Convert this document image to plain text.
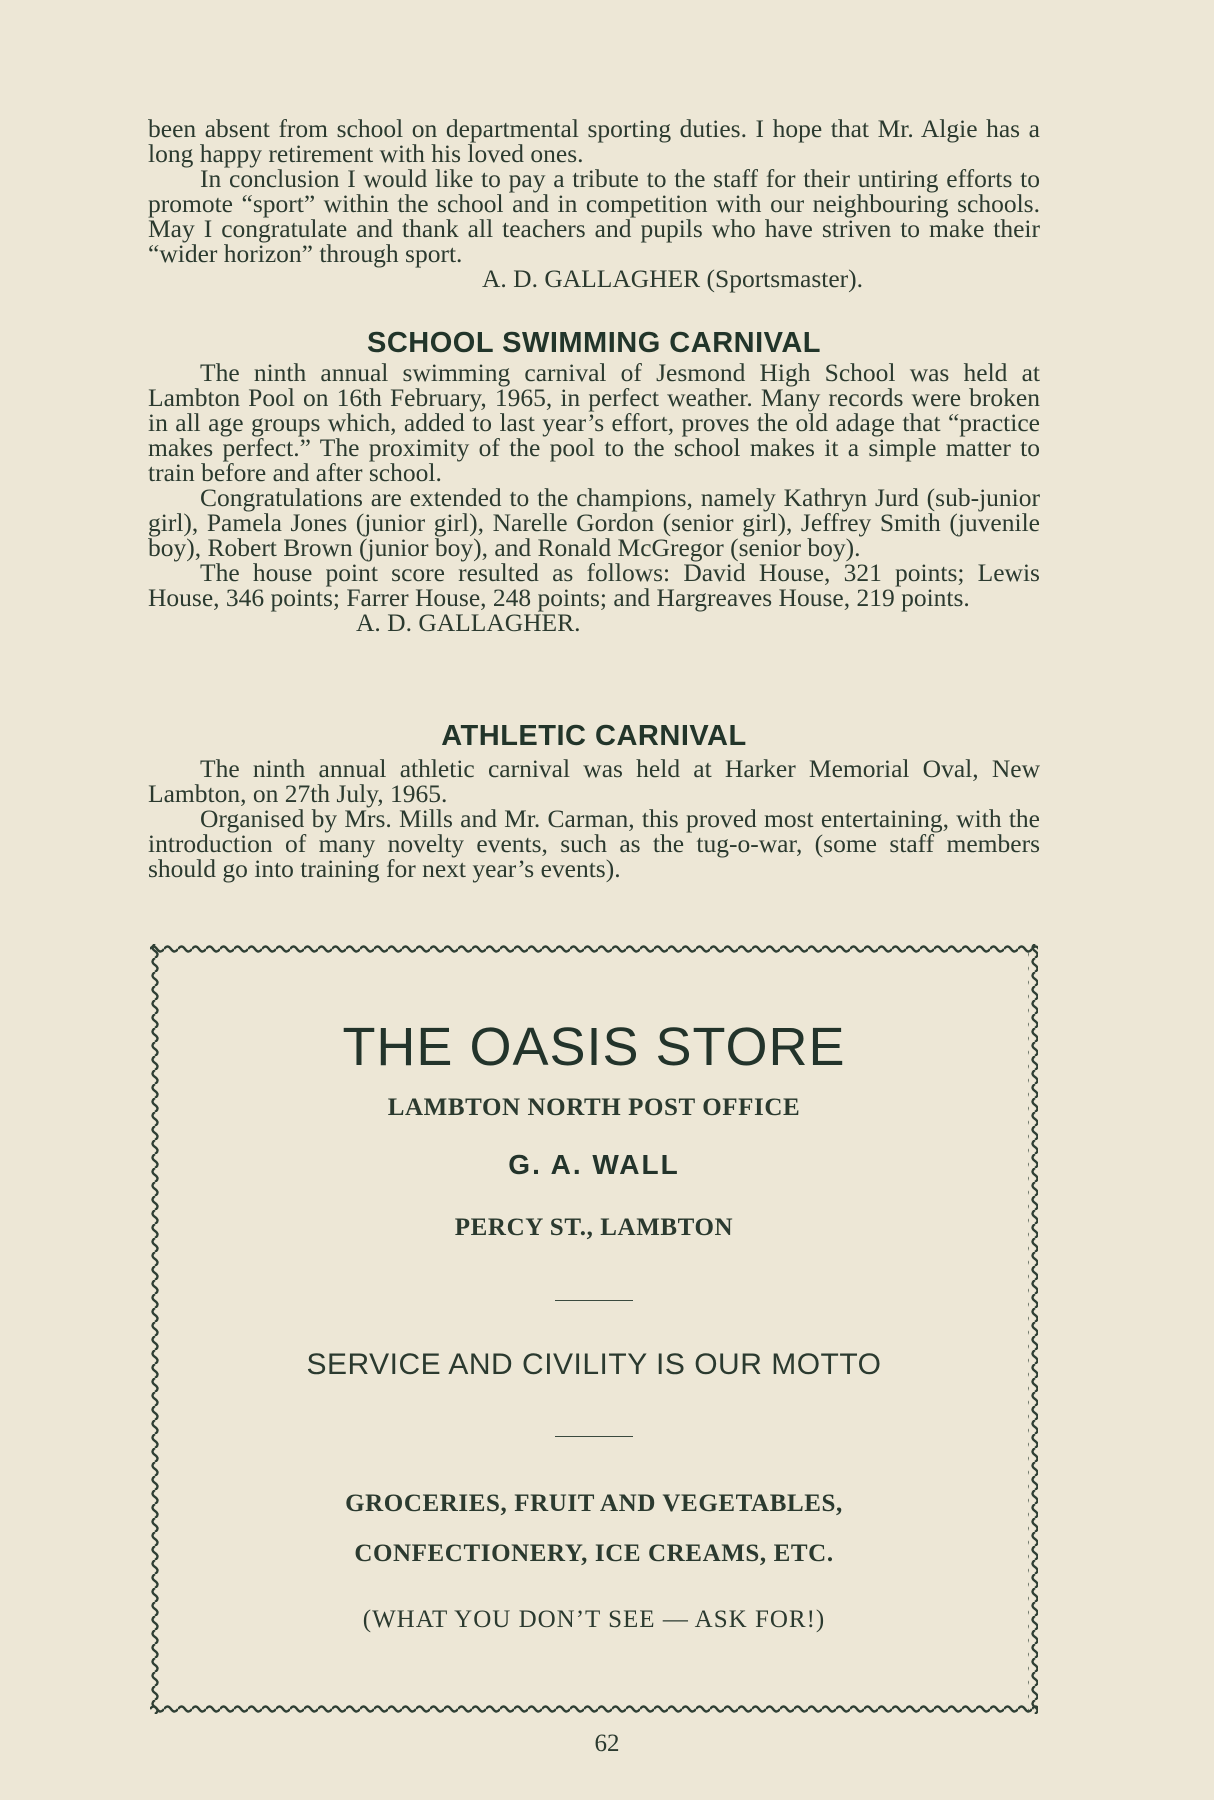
been absent from school on departmental sporting duties. I hope that Mr. Algie has a long happy retirement with his loved ones.

In conclusion I would like to pay a tribute to the staff for their untiring efforts to promote “sport” within the school and in competition with our neighbouring schools. May I congratulate and thank all teachers and pupils who have striven to make their “wider horizon” through sport.

A. D. GALLAGHER (Sportsmaster).

SCHOOL SWIMMING CARNIVAL

The ninth annual swimming carnival of Jesmond High School was held at Lambton Pool on 16th February, 1965, in perfect weather. Many records were broken in all age groups which, added to last year’s effort, proves the old adage that “practice makes perfect.” The proximity of the pool to the school makes it a simple matter to train before and after school.

Congratulations are extended to the champions, namely Kathryn Jurd (sub-junior girl), Pamela Jones (junior girl), Narelle Gordon (senior girl), Jeffrey Smith (juvenile boy), Robert Brown (junior boy), and Ronald McGregor (senior boy).

The house point score resulted as follows: David House, 321 points; Lewis House, 346 points; Farrer House, 248 points; and Hargreaves House, 219 points.

A. D. GALLAGHER.

ATHLETIC CARNIVAL

The ninth annual athletic carnival was held at Harker Memorial Oval, New Lambton, on 27th July, 1965.

Organised by Mrs. Mills and Mr. Carman, this proved most entertaining, with the introduction of many novelty events, such as the tug-o-war, (some staff members should go into training for next year’s events).

THE OASIS STORE
LAMBTON NORTH POST OFFICE
G. A. WALL
PERCY ST., LAMBTON
SERVICE AND CIVILITY IS OUR MOTTO
GROCERIES, FRUIT AND VEGETABLES,
CONFECTIONERY, ICE CREAMS, ETC.
(WHAT YOU DON’T SEE — ASK FOR!)
62
